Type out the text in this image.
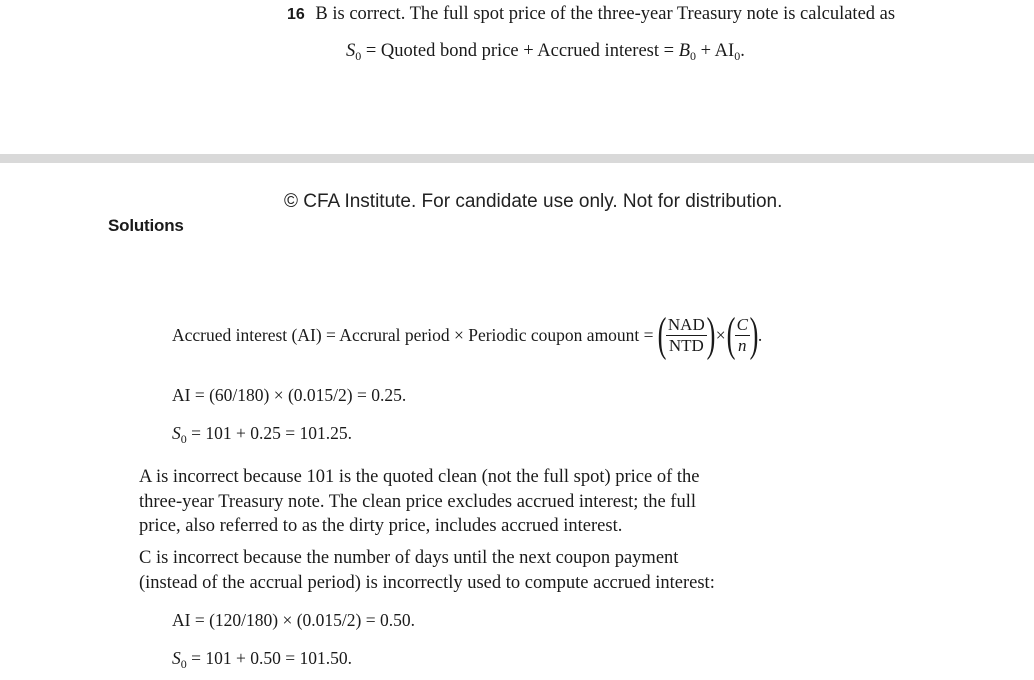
16 B is correct. The full spot price of the three-year Treasury note is calculated as
$S_0$ = Quoted bond price + Accrued interest = $B_0 + AI_0$.
© CFA Institute. For candidate use only. Not for distribution.
Solutions
Accrued interest (AI) = Accrural period × Periodic coupon amount = ( $\frac{\text{NAD}}{\text{NTD}}$ ) × ( $\frac{C}{n}$ ) .
AI = (60/180) × (0.015/2) = 0.25.
$S_0 = 101 + 0.25 = 101.25$.
A is incorrect because 101 is the quoted clean (not the full spot) price of the
three-year Treasury note. The clean price excludes accrued interest; the full
price, also referred to as the dirty price, includes accrued interest.
C is incorrect because the number of days until the next coupon payment
(instead of the accrual period) is incorrectly used to compute accrued interest:
AI = (120/180) × (0.015/2) = 0.50.
$S_0 = 101 + 0.50 = 101.50$.
